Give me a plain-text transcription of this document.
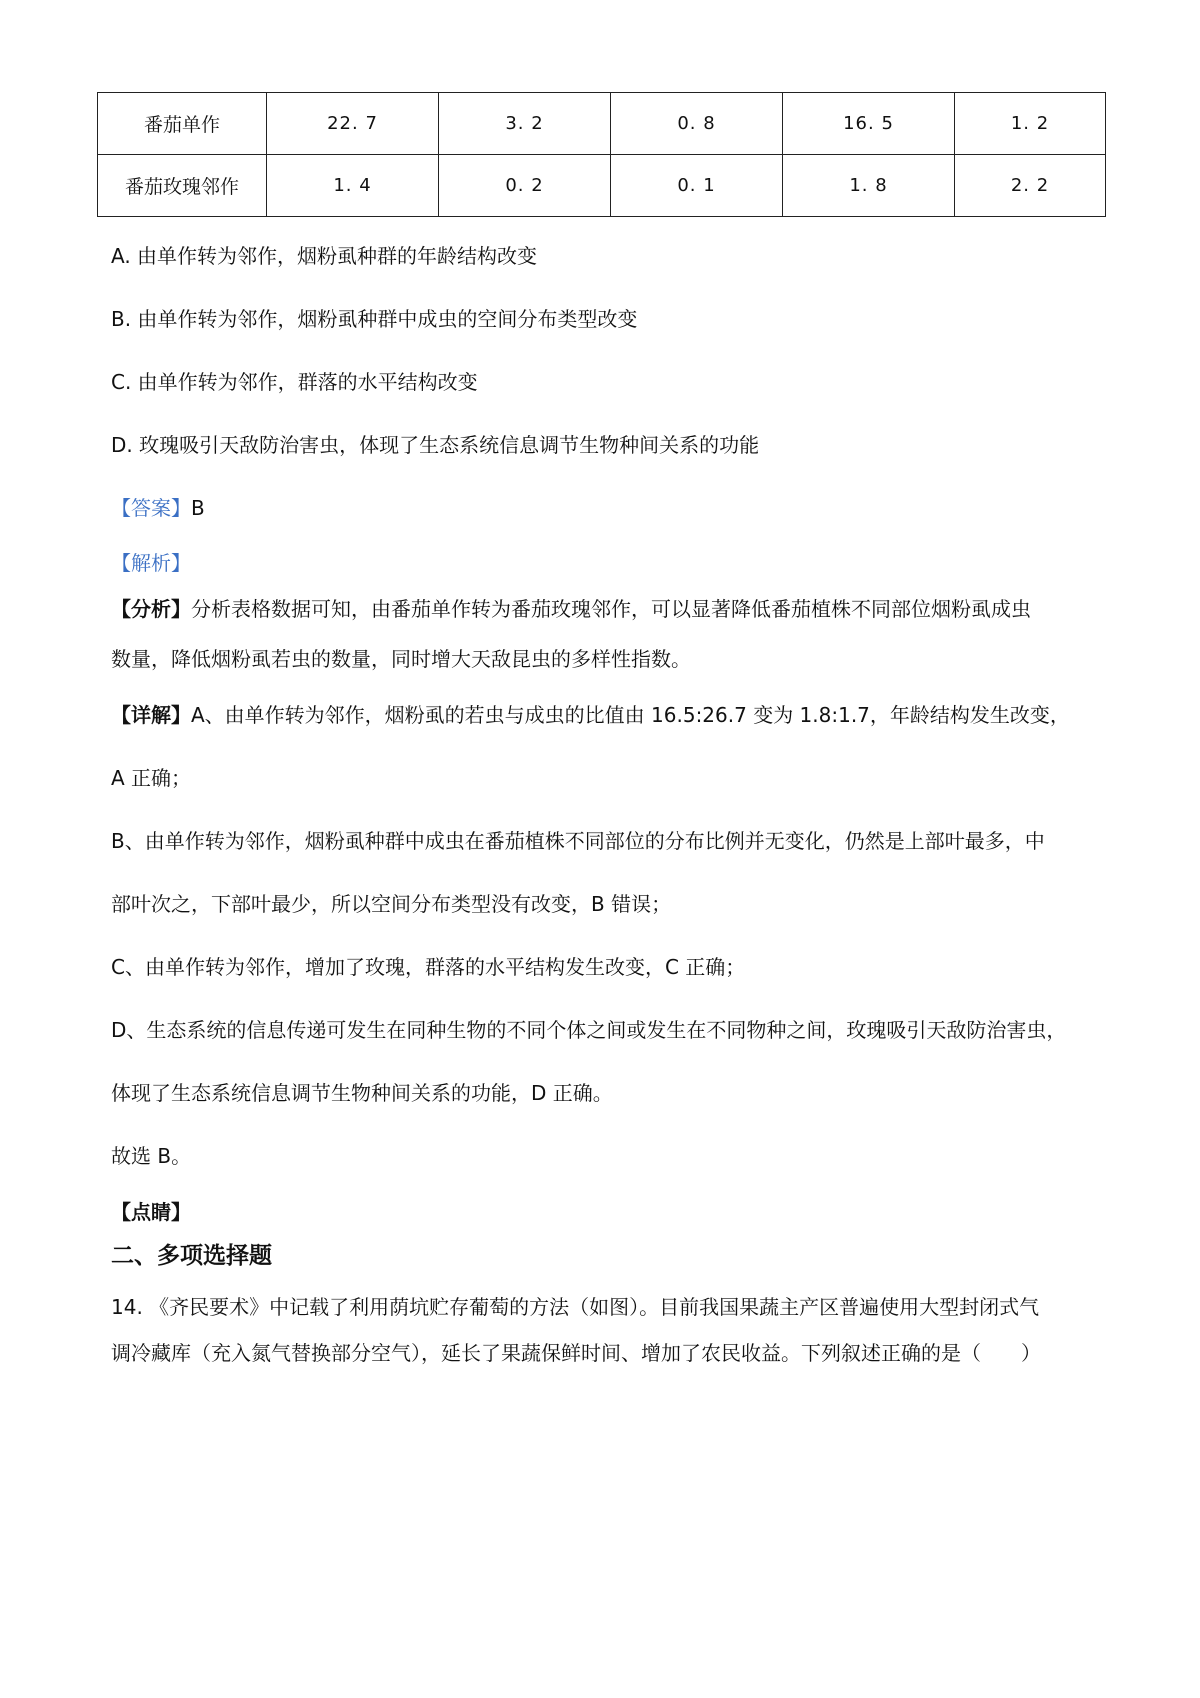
番茄单作	22. 7	3. 2	0. 8	16. 5	1. 2
番茄玫瑰邻作	1. 4	0. 2	0. 1	1. 8	2. 2
A. 由单作转为邻作，烟粉虱种群的年龄结构改变
B. 由单作转为邻作，烟粉虱种群中成虫的空间分布类型改变
C. 由单作转为邻作，群落的水平结构改变
D. 玫瑰吸引天敌防治害虫，体现了生态系统信息调节生物种间关系的功能
【答案】B
【解析】
【分析】分析表格数据可知，由番茄单作转为番茄玫瑰邻作，可以显著降低番茄植株不同部位烟粉虱成虫
数量，降低烟粉虱若虫的数量，同时增大天敌昆虫的多样性指数。
【详解】A、由单作转为邻作，烟粉虱的若虫与成虫的比值由 16.5:26.7 变为 1.8:1.7，年龄结构发生改变，
A 正确；
B、由单作转为邻作，烟粉虱种群中成虫在番茄植株不同部位的分布比例并无变化，仍然是上部叶最多，中
部叶次之，下部叶最少，所以空间分布类型没有改变，B 错误；
C、由单作转为邻作，增加了玫瑰，群落的水平结构发生改变，C 正确；
D、生态系统的信息传递可发生在同种生物的不同个体之间或发生在不同物种之间，玫瑰吸引天敌防治害虫，
体现了生态系统信息调节生物种间关系的功能，D 正确。
故选 B。
【点睛】
二、多项选择题
14. 《齐民要术》中记载了利用荫坑贮存葡萄的方法（如图）。目前我国果蔬主产区普遍使用大型封闭式气
调冷藏库（充入氮气替换部分空气），延长了果蔬保鲜时间、增加了农民收益。下列叙述正确的是（　　）
